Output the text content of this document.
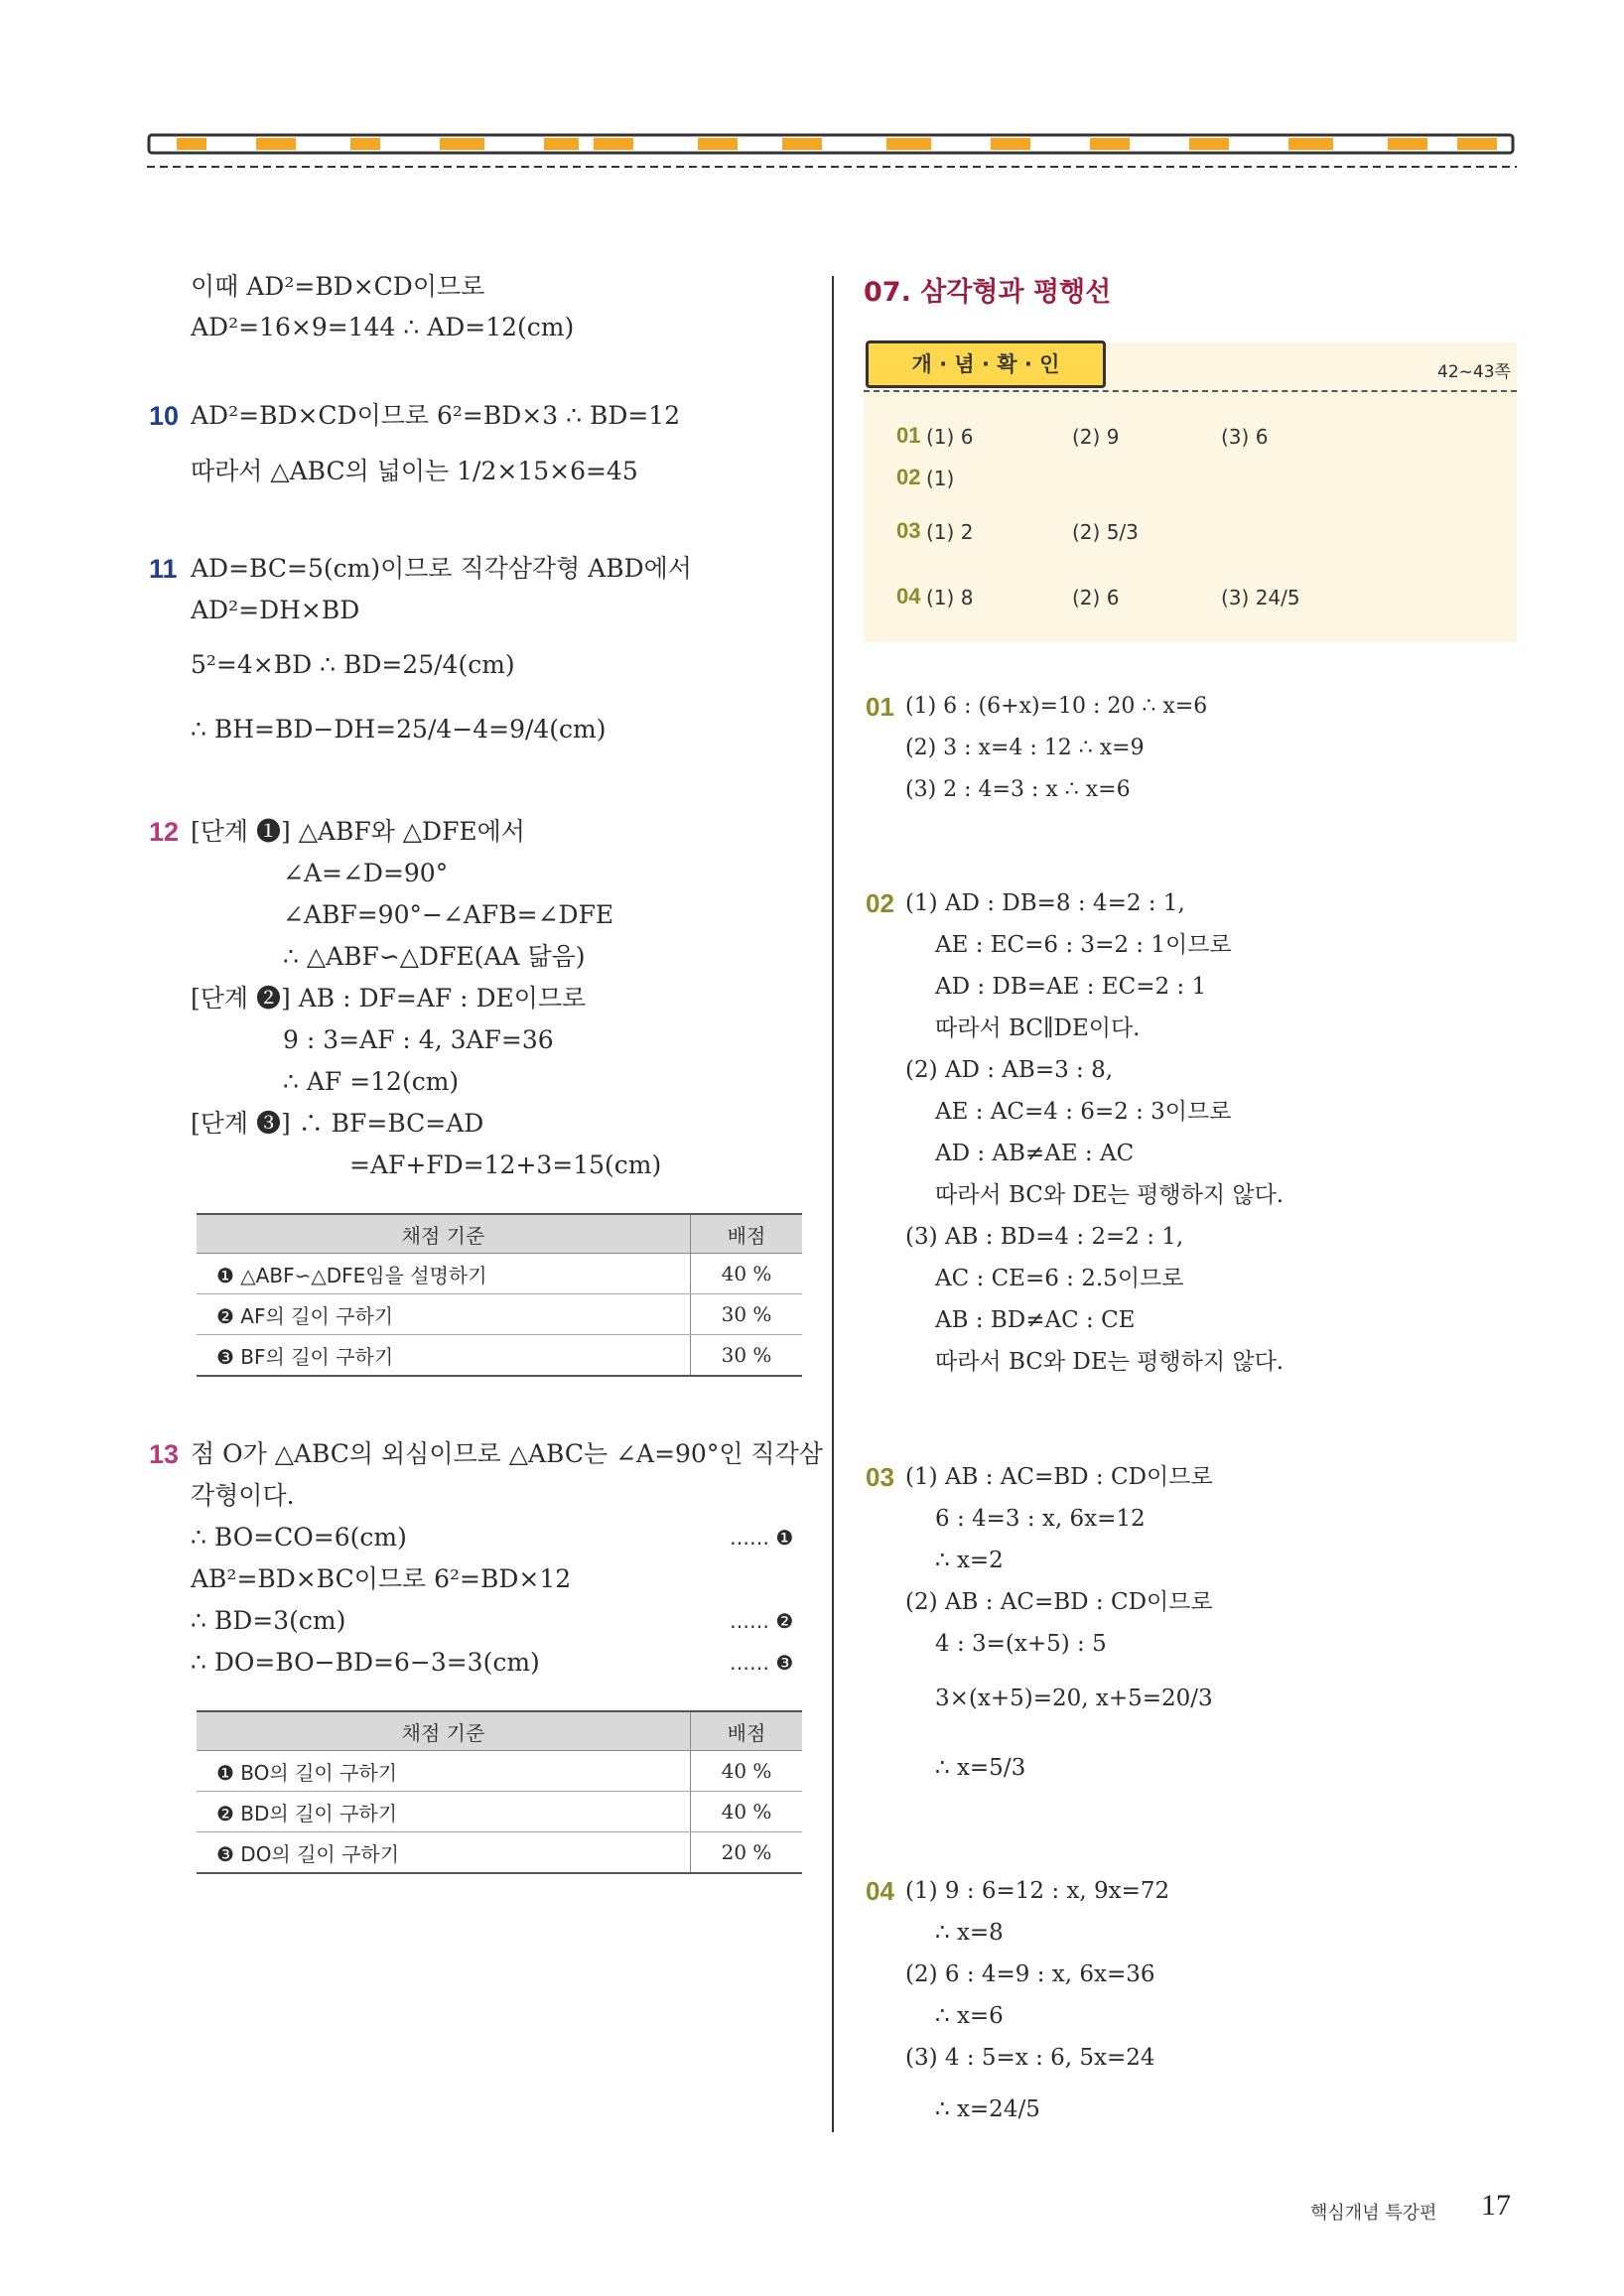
이때 AD²=BD×CD이므로
AD²=16×9=144 ∴ AD=12(cm)
10 AD²=BD×CD이므로 6²=BD×3 ∴ BD=12
따라서 △ABC의 넓이는 1/2×15×6=45
11 AD=BC=5(cm)이므로 직각삼각형 ABD에서
AD²=DH×BD
5²=4×BD ∴ BD=25/4(cm)
∴ BH=BD−DH=25/4−4=9/4(cm)
12 [단계 ❶] △ABF와 △DFE에서
∠A=∠D=90°
∠ABF=90°−∠AFB=∠DFE
∴ △ABF∽△DFE(AA 닮음)
[단계 ❷] AB : DF=AF : DE이므로
9 : 3=AF : 4, 3AF=36
∴ AF =12(cm)
[단계 ❸] ∴ BF=BC=AD
=AF+FD=12+3=15(cm)
채점 기준	배점
❶ △ABF∽△DFE임을 설명하기	40 %
❷ AF의 길이 구하기	30 %
❸ BF의 길이 구하기	30 %
13 점 O가 △ABC의 외심이므로 △ABC는 ∠A=90°인 직각삼
각형이다.
∴ BO=CO=6(cm)
AB²=BD×BC이므로 6²=BD×12
∴ BD=3(cm)
∴ DO=BO−BD=6−3=3(cm)
…… ❶
…… ❷
…… ❸
채점 기준	배점
❶ BO의 길이 구하기	40 %
❷ BD의 길이 구하기	40 %
❸ DO의 길이 구하기	20 %
07. 삼각형과 평행선
개 · 념 · 확 · 인	42~43쪽
01 (1) 6	(2) 9	(3) 6
02 (1)
03 (1) 2	(2) 5/3
04 (1) 8	(2) 6	(3) 24/5
01 (1) 6 : (6+x)=10 : 20 ∴ x=6
(2) 3 : x=4 : 12 ∴ x=9
(3) 2 : 4=3 : x ∴ x=6
02 (1) AD : DB=8 : 4=2 : 1,
AE : EC=6 : 3=2 : 1이므로
AD : DB=AE : EC=2 : 1
따라서 BC∥DE이다.
(2) AD : AB=3 : 8,
AE : AC=4 : 6=2 : 3이므로
AD : AB≠AE : AC
따라서 BC와 DE는 평행하지 않다.
(3) AB : BD=4 : 2=2 : 1,
AC : CE=6 : 2.5이므로
AB : BD≠AC : CE
따라서 BC와 DE는 평행하지 않다.
03 (1) AB : AC=BD : CD이므로
6 : 4=3 : x, 6x=12
∴ x=2
(2) AB : AC=BD : CD이므로
4 : 3=(x+5) : 5
3×(x+5)=20, x+5=20/3
∴ x=5/3
04 (1) 9 : 6=12 : x, 9x=72
∴ x=8
(2) 6 : 4=9 : x, 6x=36
∴ x=6
(3) 4 : 5=x : 6, 5x=24
∴ x=24/5
핵심개념 특강편 17
